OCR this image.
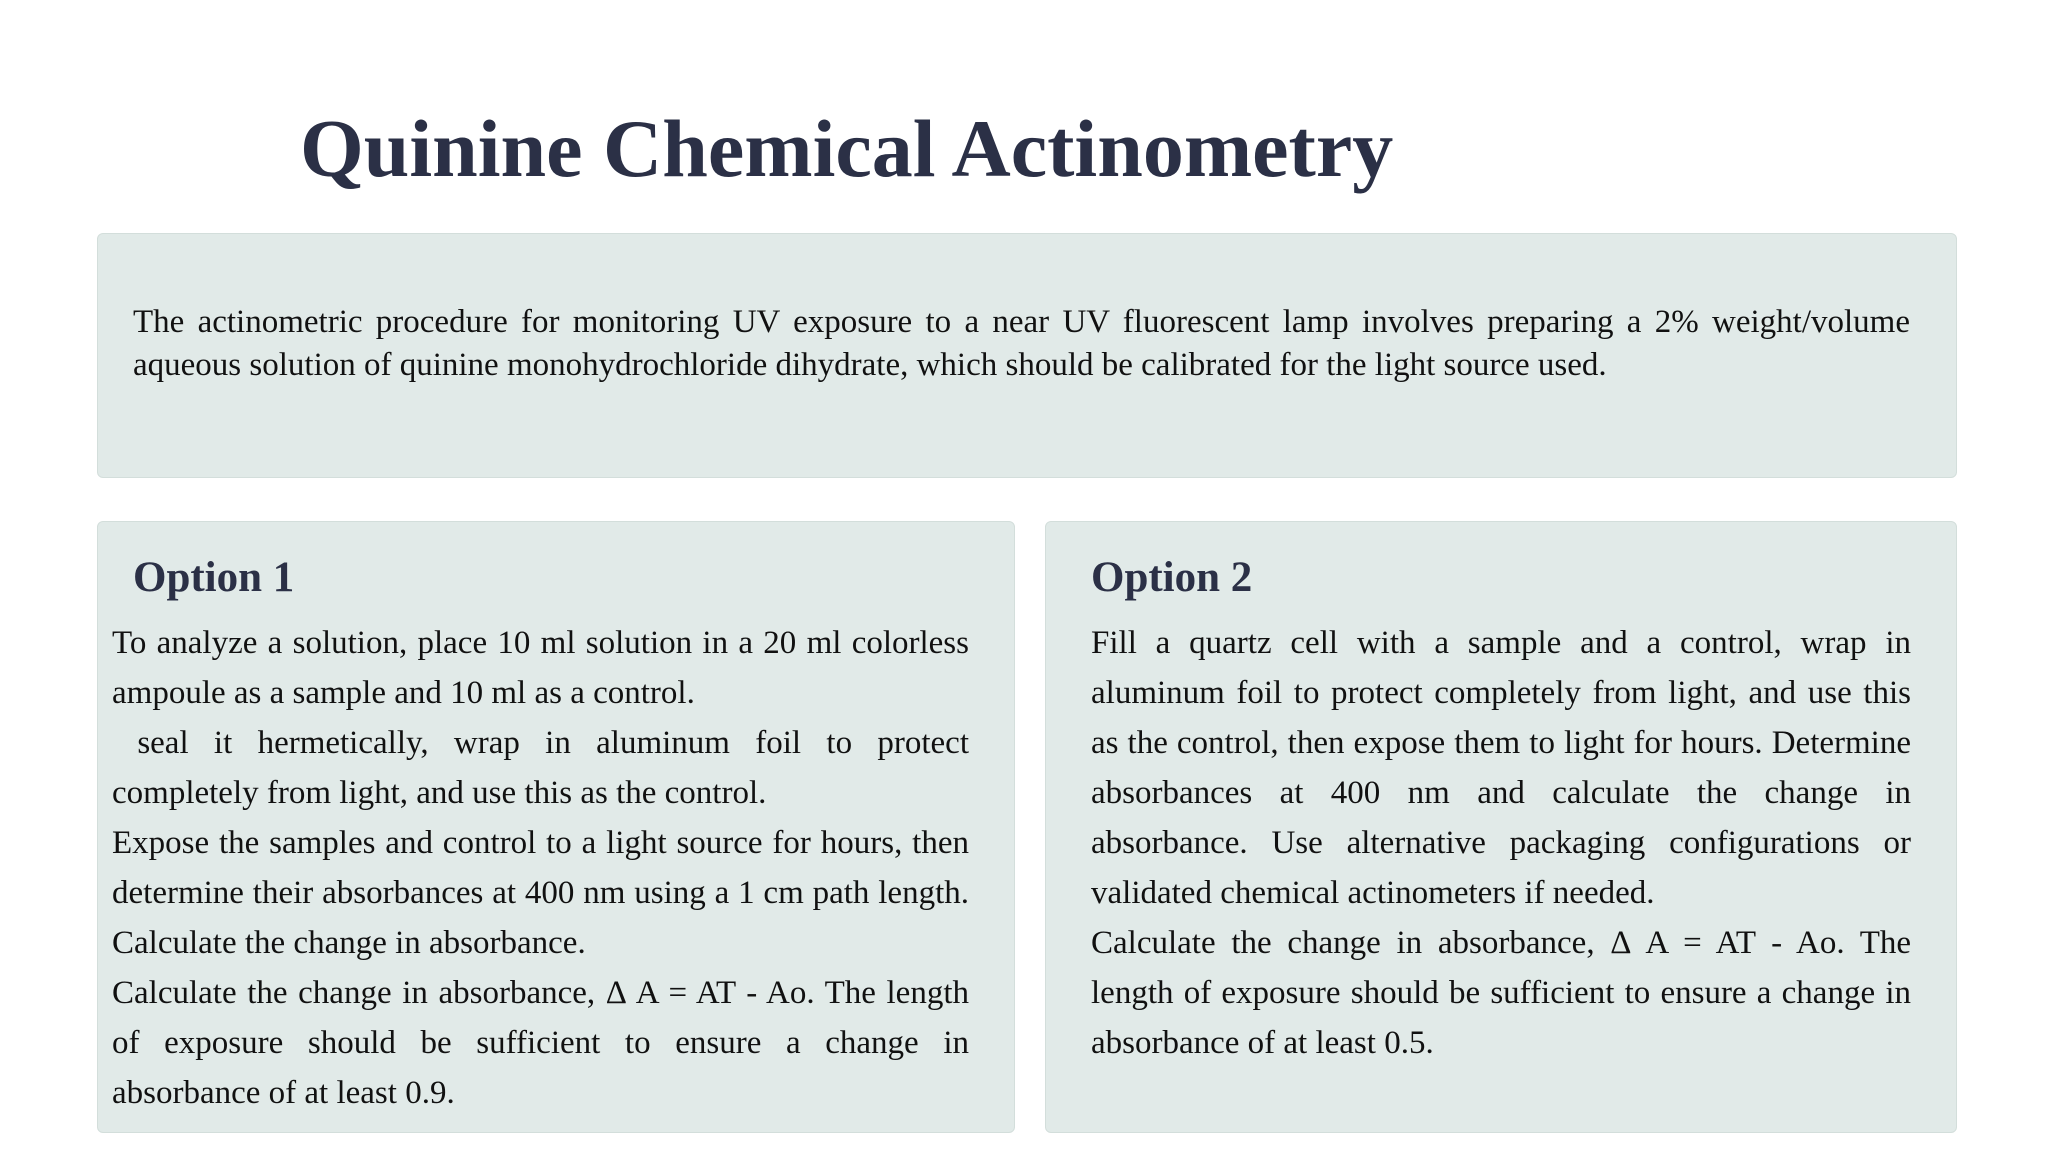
Quinine Chemical Actinometry

The actinometric procedure for monitoring UV exposure to a near UV fluorescent lamp involves preparing a 2% weight/volume aqueous solution of quinine monohydrochloride dihydrate, which should be calibrated for the light source used.

Option 1

To analyze a solution, place 10 ml solution in a 20 ml colorless ampoule as a sample and 10 ml as a control.

seal it hermetically, wrap in aluminum foil to protect completely from light, and use this as the control.

Expose the samples and control to a light source for hours, then determine their absorbances at 400 nm using a 1 cm path length. Calculate the change in absorbance.

Calculate the change in absorbance, Δ A = AT - Ao. The length of exposure should be sufficient to ensure a change in absorbance of at least 0.9.

Option 2

Fill a quartz cell with a sample and a control, wrap in aluminum foil to protect completely from light, and use this as the control, then expose them to light for hours. Determine absorbances at 400 nm and calculate the change in absorbance. Use alternative packaging configurations or validated chemical actinometers if needed.

Calculate the change in absorbance, Δ A = AT - Ao. The length of exposure should be sufficient to ensure a change in absorbance of at least 0.5.
